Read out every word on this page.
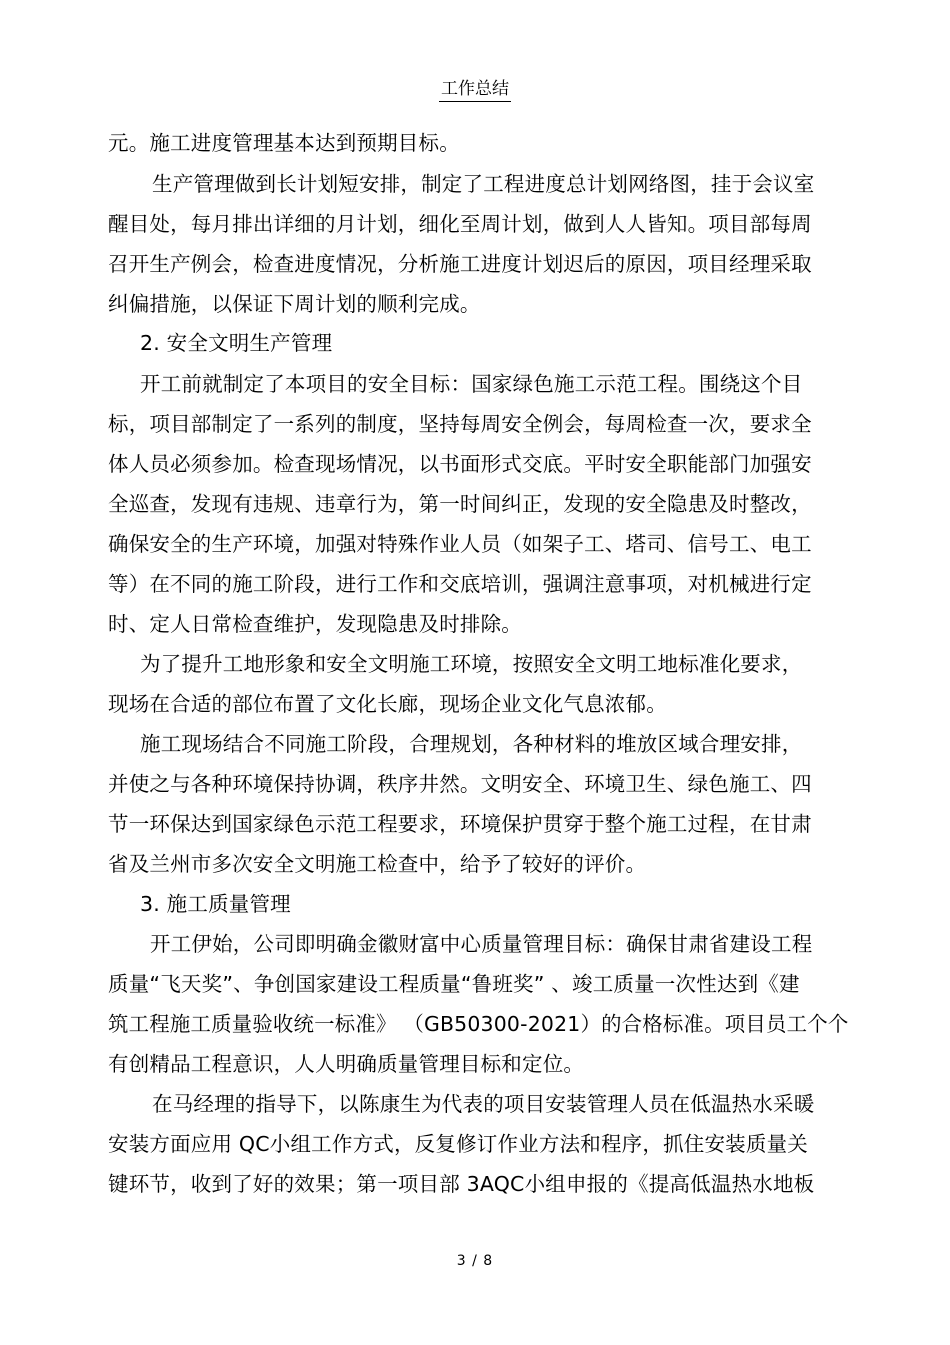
工作总结
元。施工进度管理基本达到预期目标。
生产管理做到长计划短安排，制定了工程进度总计划网络图，挂于会议室
醒目处，每月排出详细的月计划，细化至周计划，做到人人皆知。项目部每周
召开生产例会，检查进度情况，分析施工进度计划迟后的原因，项目经理采取
纠偏措施，以保证下周计划的顺利完成。
2. 安全文明生产管理
开工前就制定了本项目的安全目标：国家绿色施工示范工程。围绕这个目
标，项目部制定了一系列的制度，坚持每周安全例会，每周检查一次，要求全
体人员必须参加。检查现场情况，以书面形式交底。平时安全职能部门加强安
全巡查，发现有违规、违章行为，第一时间纠正，发现的安全隐患及时整改，
确保安全的生产环境，加强对特殊作业人员（如架子工、塔司、信号工、电工
等）在不同的施工阶段，进行工作和交底培训，强调注意事项，对机械进行定
时、定人日常检查维护，发现隐患及时排除。
为了提升工地形象和安全文明施工环境，按照安全文明工地标准化要求，
现场在合适的部位布置了文化长廊，现场企业文化气息浓郁。
施工现场结合不同施工阶段，合理规划，各种材料的堆放区域合理安排，
并使之与各种环境保持协调，秩序井然。文明安全、环境卫生、绿色施工、四
节一环保达到国家绿色示范工程要求，环境保护贯穿于整个施工过程，在甘肃
省及兰州市多次安全文明施工检查中，给予了较好的评价。
3. 施工质量管理
开工伊始，公司即明确金徽财富中心质量管理目标：确保甘肃省建设工程
质量“飞天奖”、争创国家建设工程质量“鲁班奖” 、竣工质量一次性达到《建
筑工程施工质量验收统一标准》 （GB50300-2021）的合格标准。项目员工个个
有创精品工程意识，人人明确质量管理目标和定位。
在马经理的指导下，以陈康生为代表的项目安装管理人员在低温热水采暖
安装方面应用 QC小组工作方式，反复修订作业方法和程序，抓住安装质量关
键环节，收到了好的效果；第一项目部 3AQC小组申报的《提高低温热水地板
3 / 8
